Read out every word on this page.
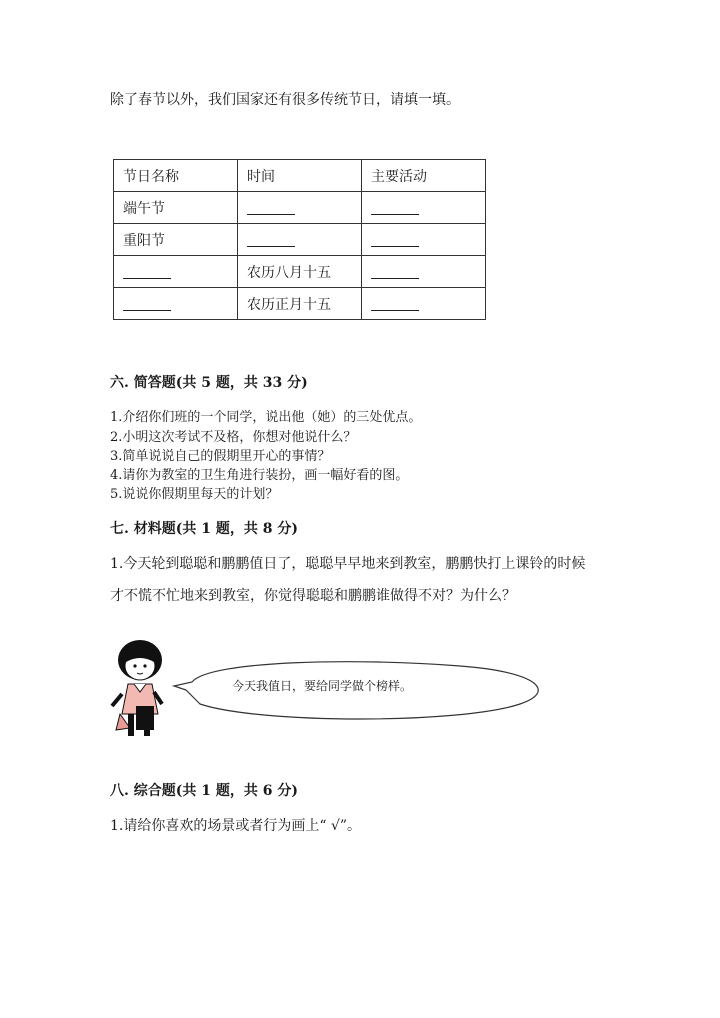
除了春节以外，我们国家还有很多传统节日，请填一填。
节日名称	时间	主要活动
端午节		
重阳节		
	农历八月十五	
	农历正月十五	
六. 简答题(共 5 题，共 33 分)
1.介绍你们班的一个同学，说出他（她）的三处优点。
2.小明这次考试不及格，你想对他说什么？
3.简单说说自己的假期里开心的事情？
4.请你为教室的卫生角进行装扮，画一幅好看的图。
5.说说你假期里每天的计划？
七. 材料题(共 1 题，共 8 分)
1.今天轮到聪聪和鹏鹏值日了，聪聪早早地来到教室，鹏鹏快打上课铃的时候
才不慌不忙地来到教室，你觉得聪聪和鹏鹏谁做得不对？为什么？
今天我值日，要给同学做个榜样。
八. 综合题(共 1 题，共 6 分)
1.请给你喜欢的场景或者行为画上“ √”。
